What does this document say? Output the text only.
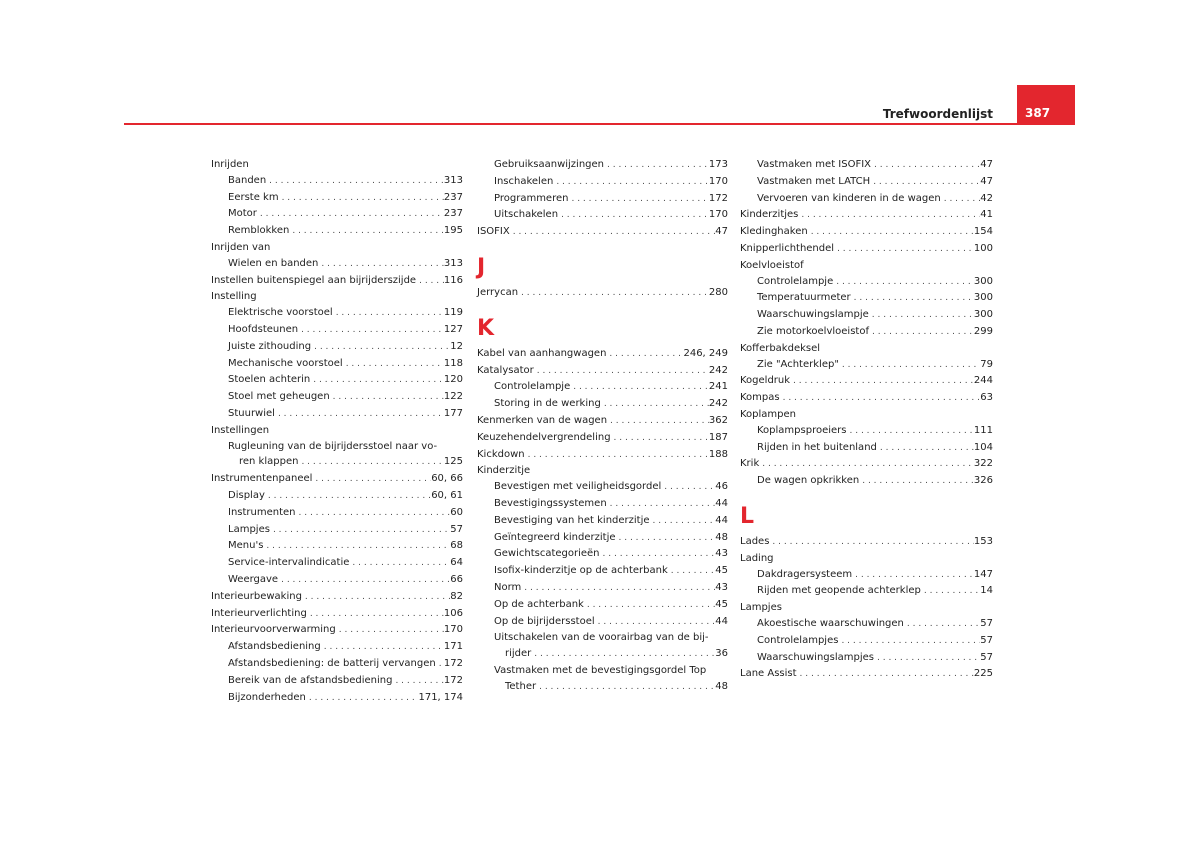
387
Trefwoordenlijst
Inrijden
Banden . . .	313
Eerste km . . .	237
Motor . . .	237
Remblokken . . .	195
Inrijden van
Wielen en banden . . .	313
Instellen buitenspiegel aan bijrijderszijde . . .	116
Instelling
Elektrische voorstoel . . .	119
Hoofdsteunen . . .	127
Juiste zithouding . . .	12
Mechanische voorstoel . . .	118
Stoelen achterin . . .	120
Stoel met geheugen . . .	122
Stuurwiel . . .	177
Instellingen
Rugleuning van de bijrijdersstoel naar vo-
ren klappen . . .	125
Instrumentenpaneel . . .	60, 66
Display . . .	60, 61
Instrumenten . . .	60
Lampjes . . .	57
Menu's . . .	68
Service-intervalindicatie . . .	64
Weergave . . .	66
Interieurbewaking . . .	82
Interieurverlichting . . .	106
Interieurvoorverwarming . . .	170
Afstandsbediening . . .	171
Afstandsbediening: de batterij vervangen . . . 172
Bereik van de afstandsbediening . . .	172
Bijzonderheden . . .	171, 174
Gebruiksaanwijzingen . . .	173
Inschakelen . . .	170
Programmeren . . .	172
Uitschakelen . . .	170
ISOFIX . . .	47
J
Jerrycan . . .	280
K
Kabel van aanhangwagen . . .	246, 249
Katalysator . . .	242
Controlelampje . . .	241
Storing in de werking . . .	242
Kenmerken van de wagen . . .	362
Keuzehendelvergrendeling . . .	187
Kickdown . . .	188
Kinderzitje
Bevestigen met veiligheidsgordel . . .	46
Bevestigingssystemen . . .	44
Bevestiging van het kinderzitje . . .	44
Geïntegreerd kinderzitje . . .	48
Gewichtscategorieën . . .	43
Isofix-kinderzitje op de achterbank . . .	45
Norm . . .	43
Op de achterbank . . .	45
Op de bijrijdersstoel . . .	44
Uitschakelen van de voorairbag van de bij-
rijder . . .	36
Vastmaken met de bevestigingsgordel Top
Tether . . .	48
Vastmaken met ISOFIX . . .	47
Vastmaken met LATCH . . .	47
Vervoeren van kinderen in de wagen . . .	42
Kinderzitjes . . .	41
Kledinghaken . . .	154
Knipperlichthendel . . .	100
Koelvloeistof
Controlelampje . . .	300
Temperatuurmeter . . .	300
Waarschuwingslampje . . .	300
Zie motorkoelvloeistof . . .	299
Kofferbakdeksel
Zie "Achterklep" . . .	79
Kogeldruk . . .	244
Kompas . . .	63
Koplampen
Koplampsproeiers . . .	111
Rijden in het buitenland . . .	104
Krik . . .	322
De wagen opkrikken . . .	326
L
Lades . . .	153
Lading
Dakdragersysteem . . .	147
Rijden met geopende achterklep . . .	14
Lampjes
Akoestische waarschuwingen . . .	57
Controlelampjes . . .	57
Waarschuwingslampjes . . .	57
Lane Assist . . .	225
